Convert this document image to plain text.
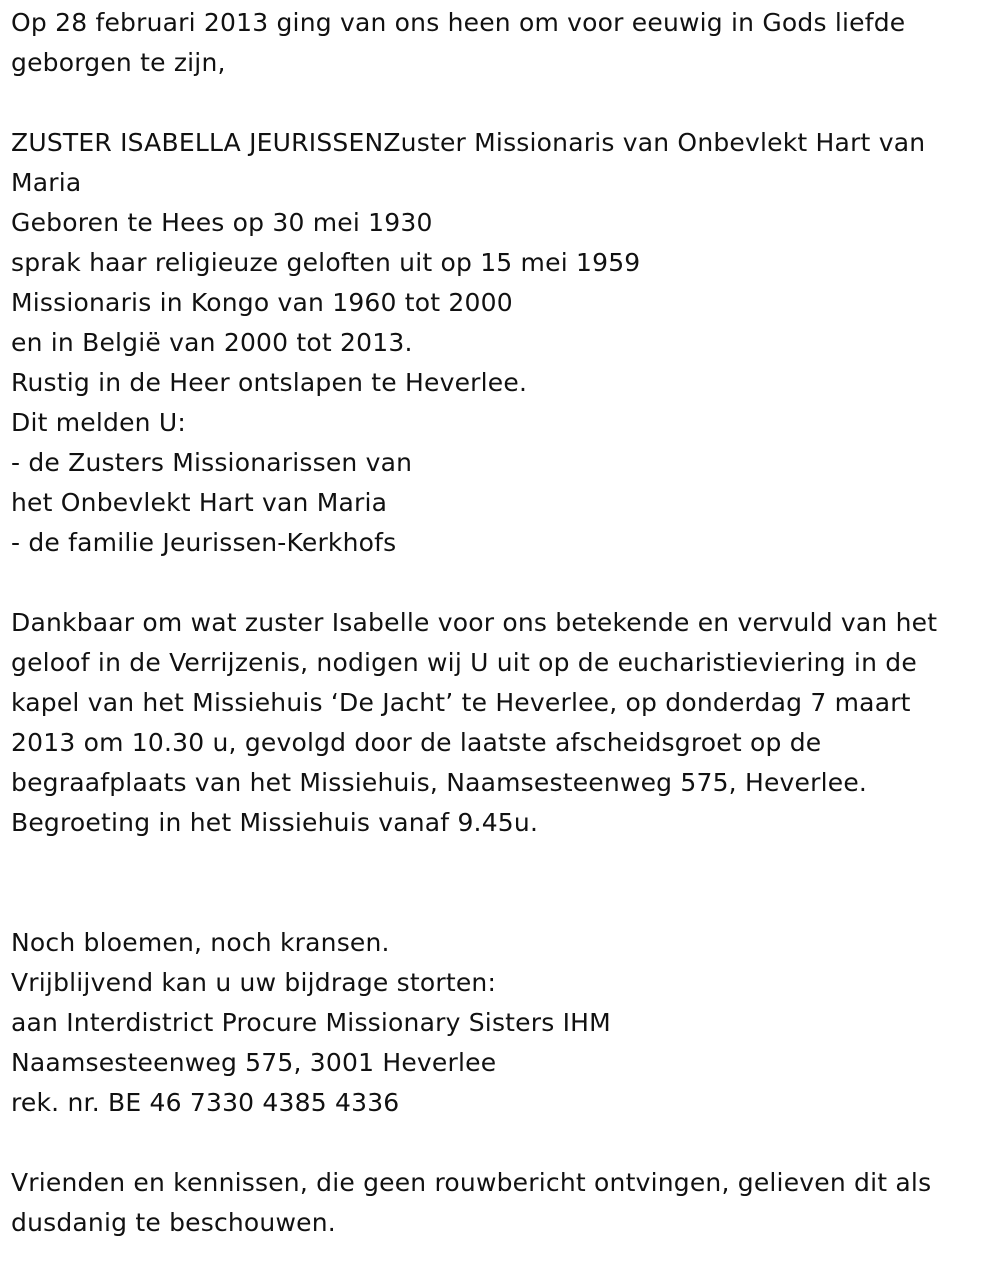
Op 28 februari 2013 ging van ons heen om voor eeuwig in Gods liefde
geborgen te zijn,
ZUSTER ISABELLA JEURISSENZuster Missionaris van Onbevlekt Hart van
Maria
Geboren te Hees op 30 mei 1930
sprak haar religieuze geloften uit op 15 mei 1959
Missionaris in Kongo van 1960 tot 2000
en in België van 2000 tot 2013.
Rustig in de Heer ontslapen te Heverlee.
Dit melden U:
- de Zusters Missionarissen van
het Onbevlekt Hart van Maria
- de familie Jeurissen-Kerkhofs
Dankbaar om wat zuster Isabelle voor ons betekende en vervuld van het
geloof in de Verrijzenis, nodigen wij U uit op de eucharistieviering in de
kapel van het Missiehuis ‘De Jacht’ te Heverlee, op donderdag 7 maart
2013 om 10.30 u, gevolgd door de laatste afscheidsgroet op de
begraafplaats van het Missiehuis, Naamsesteenweg 575, Heverlee.
Begroeting in het Missiehuis vanaf 9.45u.
Noch bloemen, noch kransen.
Vrijblijvend kan u uw bijdrage storten:
aan Interdistrict Procure Missionary Sisters IHM
Naamsesteenweg 575, 3001 Heverlee
rek. nr. BE 46 7330 4385 4336
Vrienden en kennissen, die geen rouwbericht ontvingen, gelieven dit als
dusdanig te beschouwen.
